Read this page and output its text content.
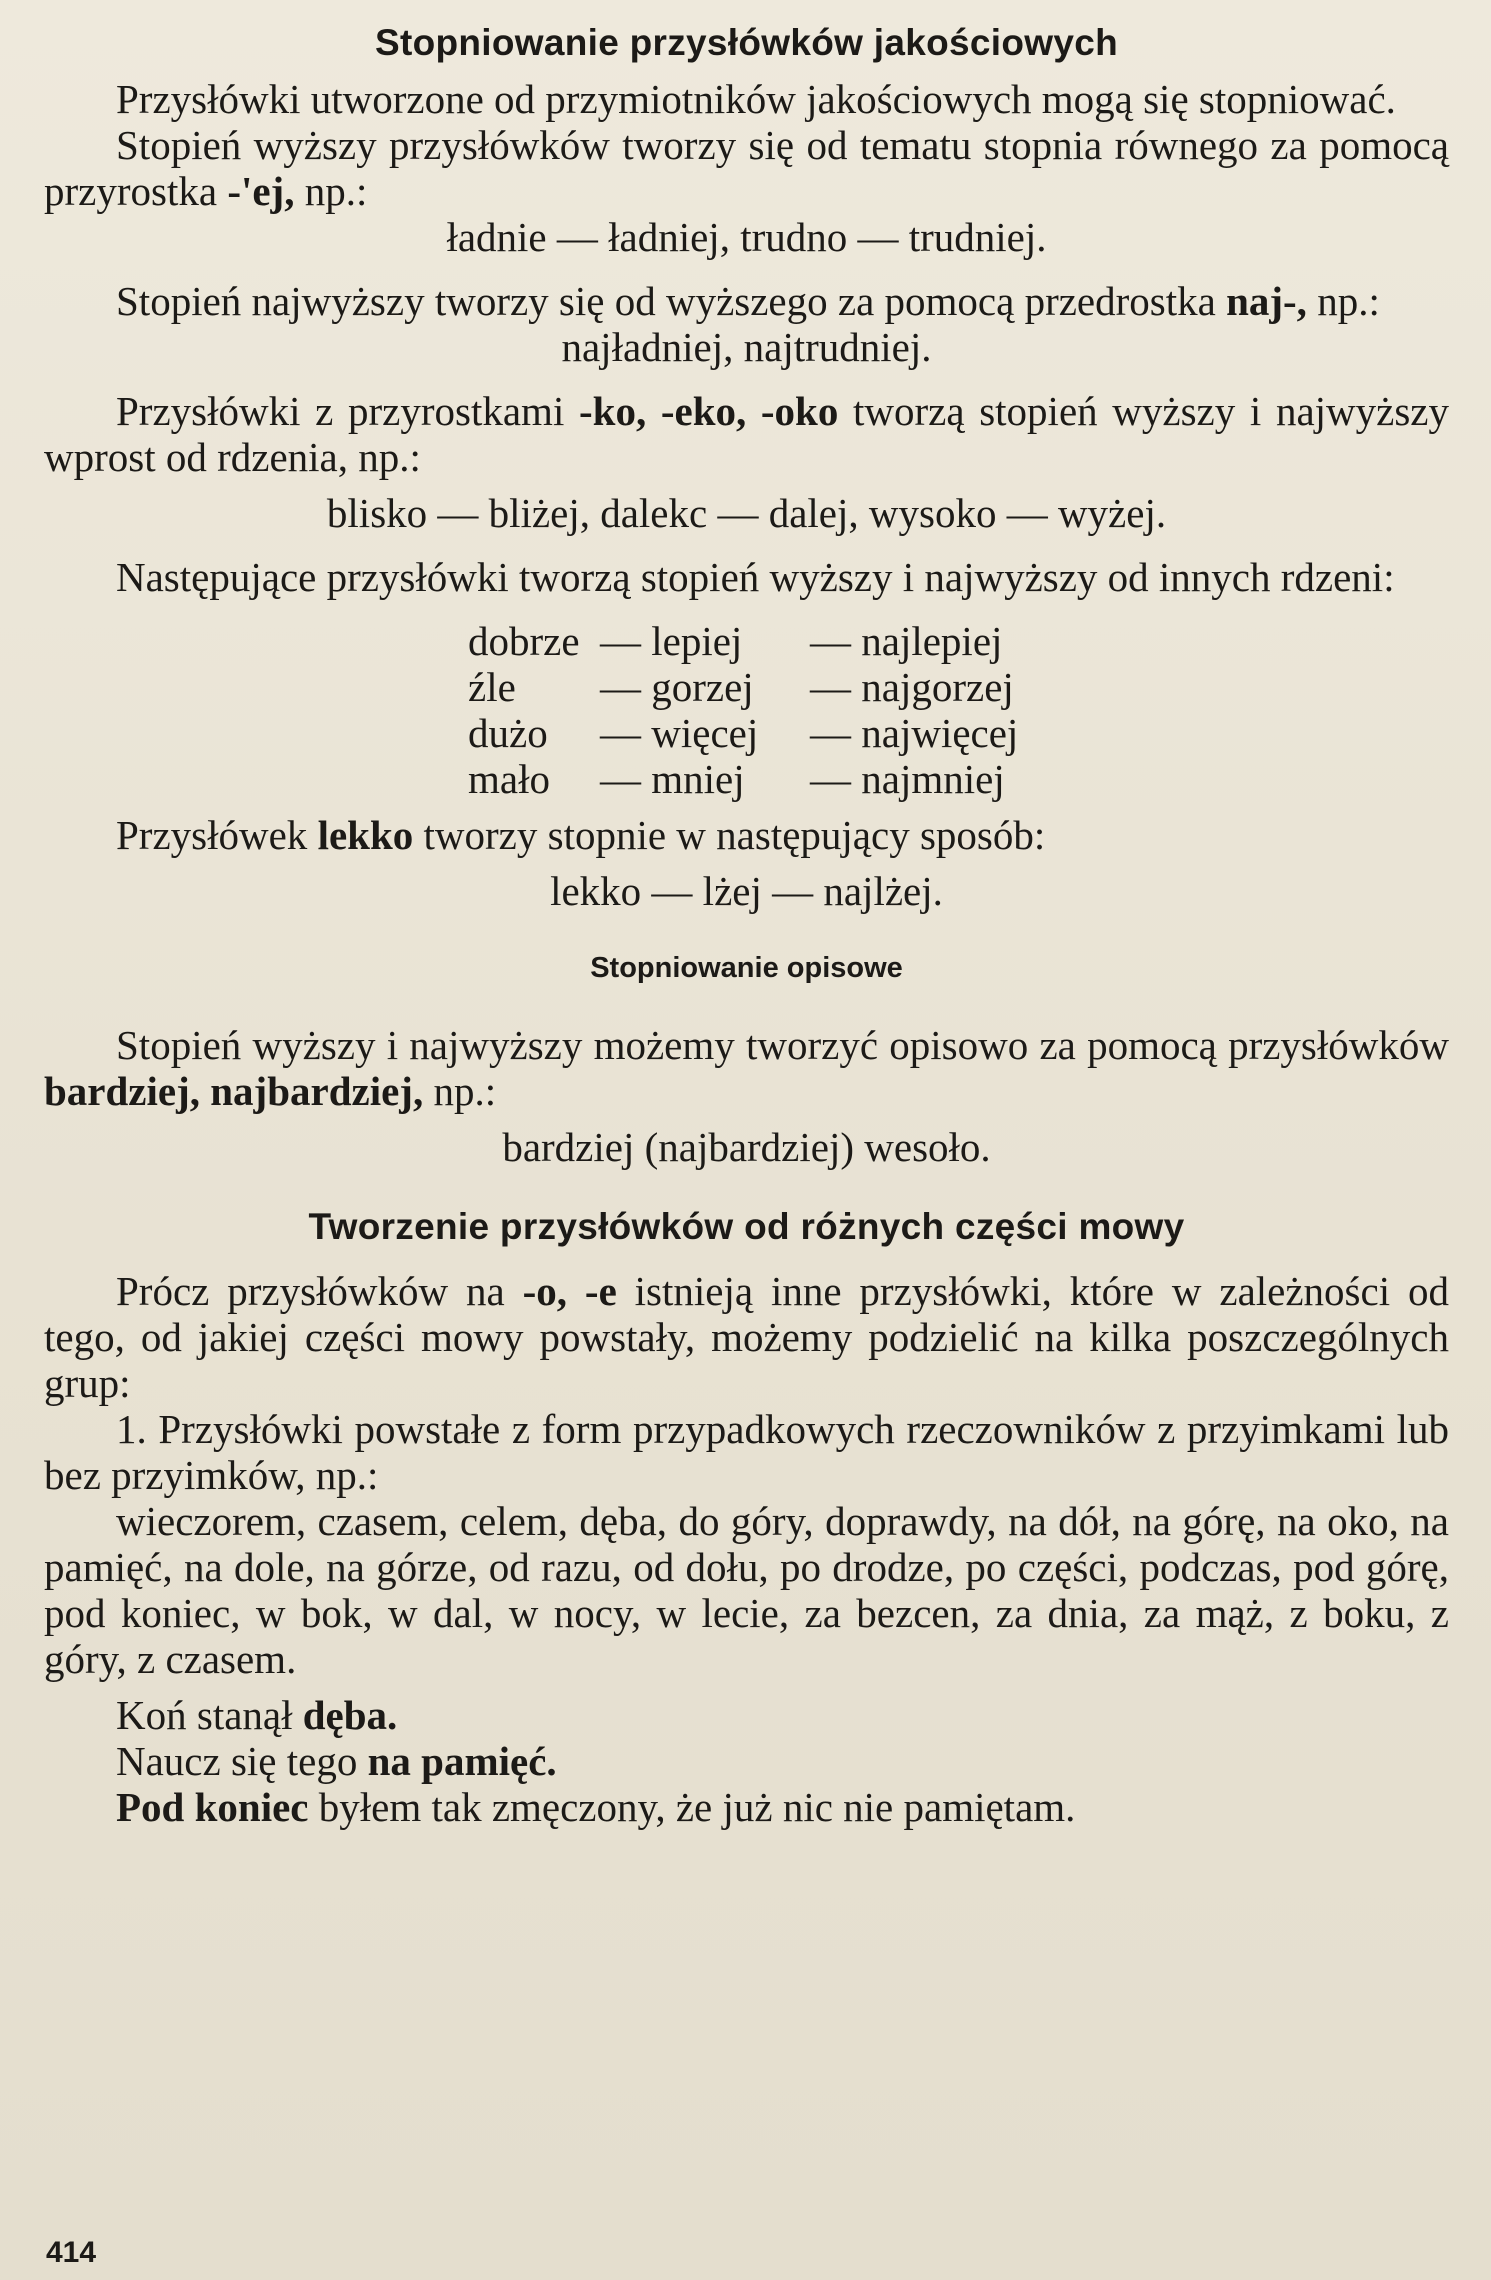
Stopniowanie przysłówków jakościowych

Przysłówki utworzone od przymiotników jakościowych mogą się stopniować.

Stopień wyższy przysłówków tworzy się od tematu stopnia równego za pomocą przyrostka -'ej, np.:

ładnie — ładniej, trudno — trudniej.

Stopień najwyższy tworzy się od wyższego za pomocą przedrostka naj-, np.:

najładniej, najtrudniej.

Przysłówki z przyrostkami -ko, -eko, -oko tworzą stopień wyższy i najwyższy wprost od rdzenia, np.:

blisko — bliżej, dalekc — dalej, wysoko — wyżej.

Następujące przysłówki tworzą stopień wyższy i najwyższy od innych rdzeni:

dobrze — lepiej	— najlepiej
źle	— gorzej	— najgorzej
dużo	— więcej	— najwięcej
mało	— mniej	— najmniej

Przysłówek lekko tworzy stopnie w następujący sposób:

lekko — lżej — najlżej.
Stopniowanie opisowe

Stopień wyższy i najwyższy możemy tworzyć opisowo za pomocą przysłówków bardziej, najbardziej, np.:

bardziej (najbardziej) wesoło.
Tworzenie przysłówków od różnych części mowy

Prócz przysłówków na -o, -e istnieją inne przysłówki, które w zależności od tego, od jakiej części mowy powstały, możemy podzielić na kilka poszczególnych grup:

1. Przysłówki powstałe z form przypadkowych rzeczowników z przyimkami lub bez przyimków, np.:

wieczorem, czasem, celem, dęba, do góry, doprawdy, na dół, na górę, na oko, na pamięć, na dole, na górze, od razu, od dołu, po drodze, po części, podczas, pod górę, pod koniec, w bok, w dal, w nocy, w lecie, za bezcen, za dnia, za mąż, z boku, z góry, z czasem.

Koń stanął dęba.

Naucz się tego na pamięć.

Pod koniec byłem tak zmęczony, że już nic nie pamiętam.

414
